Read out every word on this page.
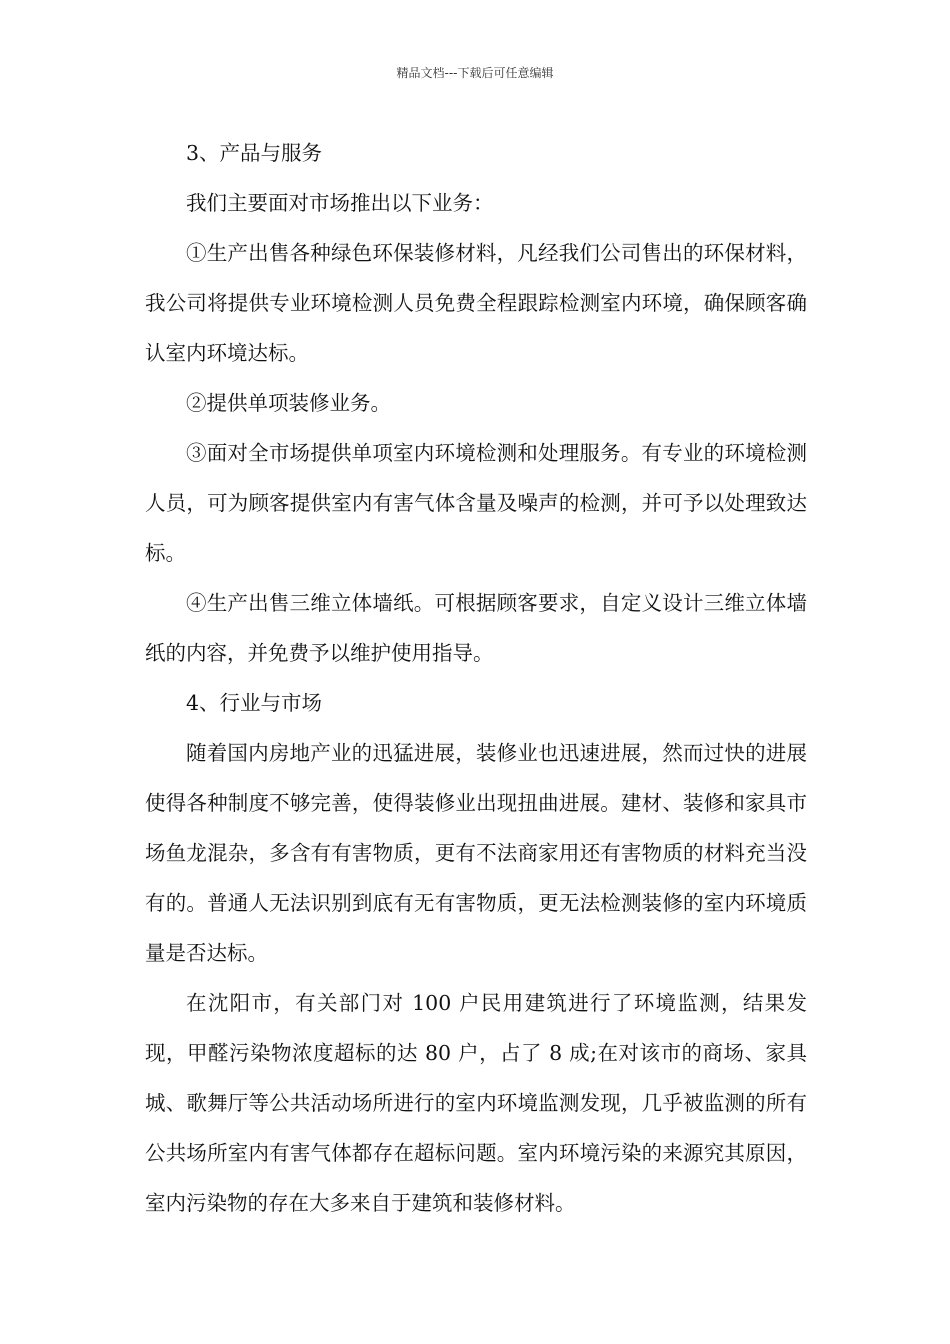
精品文档---下载后可任意编辑

3、产品与服务

我们主要面对市场推出以下业务：

①生产出售各种绿色环保装修材料，凡经我们公司售出的环保材料，我公司将提供专业环境检测人员免费全程跟踪检测室内环境，确保顾客确认室内环境达标。

②提供单项装修业务。

③面对全市场提供单项室内环境检测和处理服务。有专业的环境检测人员，可为顾客提供室内有害气体含量及噪声的检测，并可予以处理致达标。

④生产出售三维立体墙纸。可根据顾客要求，自定义设计三维立体墙纸的内容，并免费予以维护使用指导。

4、行业与市场

随着国内房地产业的迅猛进展，装修业也迅速进展，然而过快的进展使得各种制度不够完善，使得装修业出现扭曲进展。建材、装修和家具市场鱼龙混杂，多含有有害物质，更有不法商家用还有害物质的材料充当没有的。普通人无法识别到底有无有害物质，更无法检测装修的室内环境质量是否达标。

在沈阳市，有关部门对 100 户民用建筑进行了环境监测，结果发现，甲醛污染物浓度超标的达 80 户，占了 8 成;在对该市的商场、家具城、歌舞厅等公共活动场所进行的室内环境监测发现，几乎被监测的所有公共场所室内有害气体都存在超标问题。室内环境污染的来源究其原因，室内污染物的存在大多来自于建筑和装修材料。
